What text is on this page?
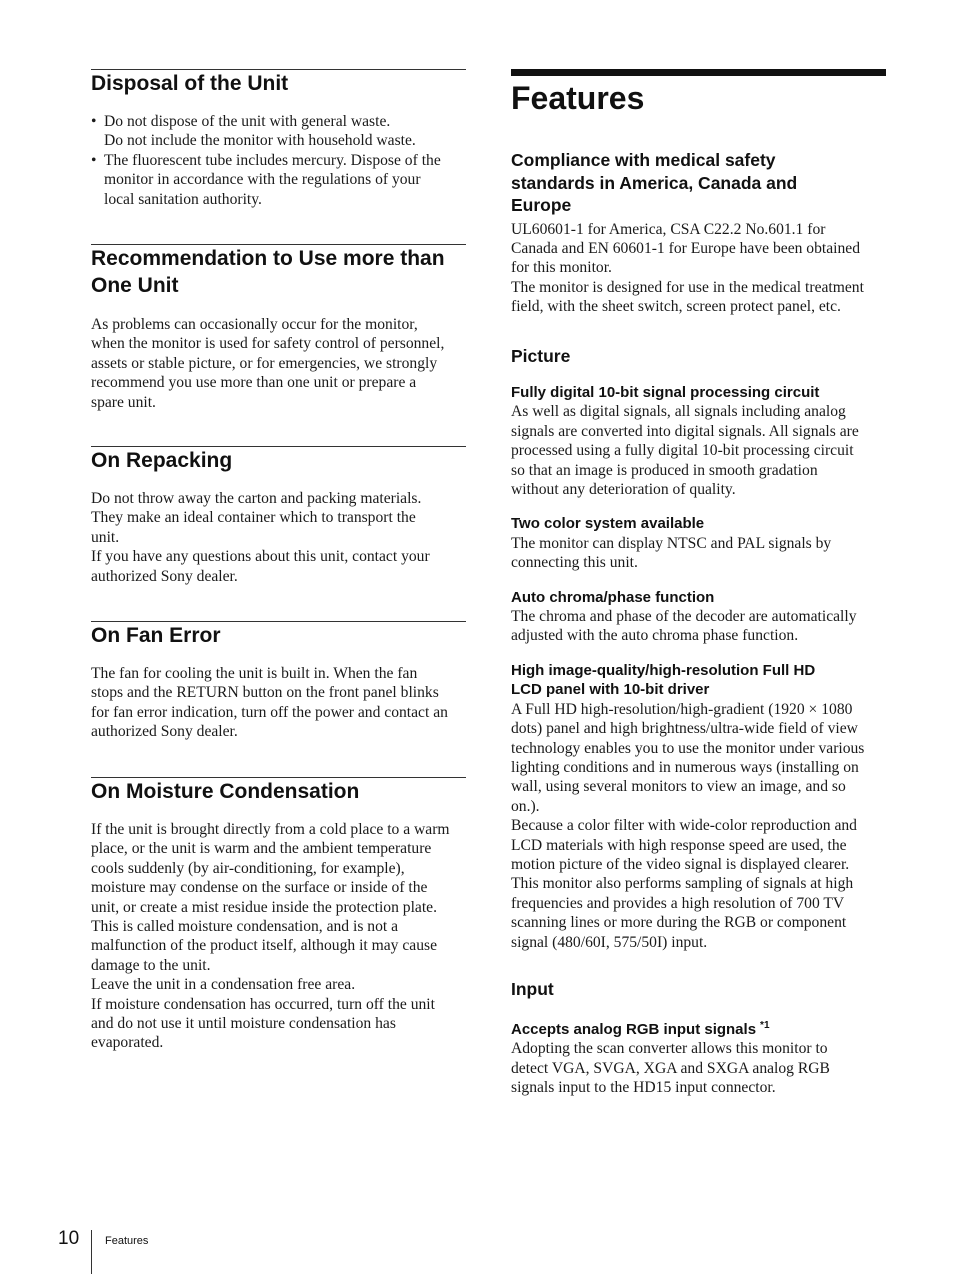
Disposal of the Unit
• Do not dispose of the unit with general waste.
Do not include the monitor with household waste.
• The fluorescent tube includes mercury. Dispose of the
monitor in accordance with the regulations of your
local sanitation authority.
Recommendation to Use more than
One Unit

As problems can occasionally occur for the monitor,
when the monitor is used for safety control of personnel,
assets or stable picture, or for emergencies, we strongly
recommend you use more than one unit or prepare a
spare unit.

On Repacking

Do not throw away the carton and packing materials.
They make an ideal container which to transport the
unit.
If you have any questions about this unit, contact your
authorized Sony dealer.

On Fan Error

The fan for cooling the unit is built in. When the fan
stops and the RETURN button on the front panel blinks
for fan error indication, turn off the power and contact an
authorized Sony dealer.

On Moisture Condensation

If the unit is brought directly from a cold place to a warm
place, or the unit is warm and the ambient temperature
cools suddenly (by air-conditioning, for example),
moisture may condense on the surface or inside of the
unit, or create a mist residue inside the protection plate.
This is called moisture condensation, and is not a
malfunction of the product itself, although it may cause
damage to the unit.
Leave the unit in a condensation free area.
If moisture condensation has occurred, turn off the unit
and do not use it until moisture condensation has
evaporated.

Features
Compliance with medical safety
standards in America, Canada and
Europe

UL60601-1 for America, CSA C22.2 No.601.1 for
Canada and EN 60601-1 for Europe have been obtained
for this monitor.
The monitor is designed for use in the medical treatment
field, with the sheet switch, screen protect panel, etc.

Picture
Fully digital 10-bit signal processing circuit

As well as digital signals, all signals including analog
signals are converted into digital signals. All signals are
processed using a fully digital 10-bit processing circuit
so that an image is produced in smooth gradation
without any deterioration of quality.

Two color system available

The monitor can display NTSC and PAL signals by
connecting this unit.

Auto chroma/phase function

The chroma and phase of the decoder are automatically
adjusted with the auto chroma phase function.

High image-quality/high-resolution Full HD
LCD panel with 10-bit driver

A Full HD high-resolution/high-gradient (1920 × 1080
dots) panel and high brightness/ultra-wide field of view
technology enables you to use the monitor under various
lighting conditions and in numerous ways (installing on
wall, using several monitors to view an image, and so
on.).
Because a color filter with wide-color reproduction and
LCD materials with high response speed are used, the
motion picture of the video signal is displayed clearer.
This monitor also performs sampling of signals at high
frequencies and provides a high resolution of 700 TV
scanning lines or more during the RGB or component
signal (480/60I, 575/50I) input.

Input
Accepts analog RGB input signals $^{*1}$

Adopting the scan converter allows this monitor to
detect VGA, SVGA, XGA and SXGA analog RGB
signals input to the HD15 input connector.

10 Features
